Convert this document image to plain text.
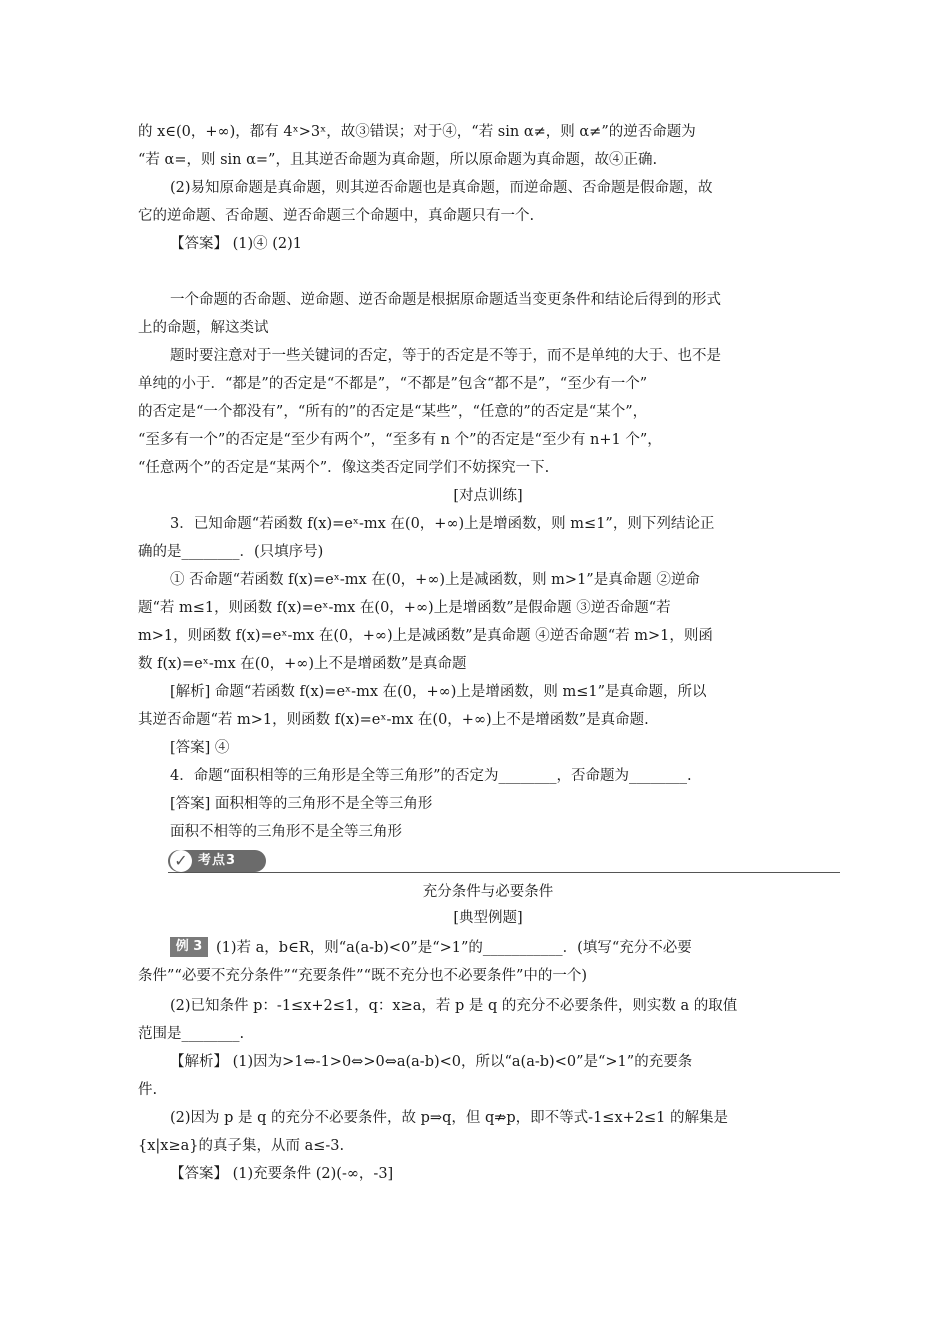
的 x∈(0，+∞)，都有 4ˣ>3ˣ，故③错误；对于④，“若 sin α≠，则 α≠”的逆否命题为
“若 α=，则 sin α=”，且其逆否命题为真命题，所以原命题为真命题，故④正确.
(2)易知原命题是真命题，则其逆否命题也是真命题，而逆命题、否命题是假命题，故
它的逆命题、否命题、逆否命题三个命题中，真命题只有一个.
【答案】 (1)④ (2)1
一个命题的否命题、逆命题、逆否命题是根据原命题适当变更条件和结论后得到的形式
上的命题，解这类试
题时要注意对于一些关键词的否定，等于的否定是不等于，而不是单纯的大于、也不是
单纯的小于．“都是”的否定是“不都是”，“不都是”包含“都不是”，“至少有一个”
的否定是“一个都没有”，“所有的”的否定是“某些”，“任意的”的否定是“某个”，
“至多有一个”的否定是“至少有两个”，“至多有 n 个”的否定是“至少有 n+1 个”，
“任意两个”的否定是“某两个”．像这类否定同学们不妨探究一下.
[对点训练]
3．已知命题“若函数 f(x)=eˣ-mx 在(0，+∞)上是增函数，则 m≤1”，则下列结论正
确的是________．(只填序号)
① 否命题“若函数 f(x)=eˣ-mx 在(0，+∞)上是减函数，则 m>1”是真命题 ②逆命
题“若 m≤1，则函数 f(x)=eˣ-mx 在(0，+∞)上是增函数”是假命题 ③逆否命题“若
m>1，则函数 f(x)=eˣ-mx 在(0，+∞)上是减函数”是真命题 ④逆否命题“若 m>1，则函
数 f(x)=eˣ-mx 在(0，+∞)上不是增函数”是真命题
[解析] 命题“若函数 f(x)=eˣ-mx 在(0，+∞)上是增函数，则 m≤1”是真命题，所以
其逆否命题“若 m>1，则函数 f(x)=eˣ-mx 在(0，+∞)上不是增函数”是真命题.
[答案] ④
4．命题“面积相等的三角形是全等三角形”的否定为________，否命题为________.
[答案] 面积相等的三角形不是全等三角形
面积不相等的三角形不是全等三角形
✓ 考点3
充分条件与必要条件
[典型例题]
例 3 (1)若 a，b∈R，则“a(a-b)<0”是“>1”的___________．(填写“充分不必要
条件”“必要不充分条件”“充要条件”“既不充分也不必要条件”中的一个)
(2)已知条件 p：-1≤x+2≤1，q：x≥a，若 p 是 q 的充分不必要条件，则实数 a 的取值
范围是________.
【解析】 (1)因为>1⇔-1>0⇔>0⇔a(a-b)<0，所以“a(a-b)<0”是“>1”的充要条
件.
(2)因为 p 是 q 的充分不必要条件，故 p⇒q，但 q⇏p，即不等式-1≤x+2≤1 的解集是
{x|x≥a}的真子集，从而 a≤-3.
【答案】 (1)充要条件 (2)(-∞，-3]
